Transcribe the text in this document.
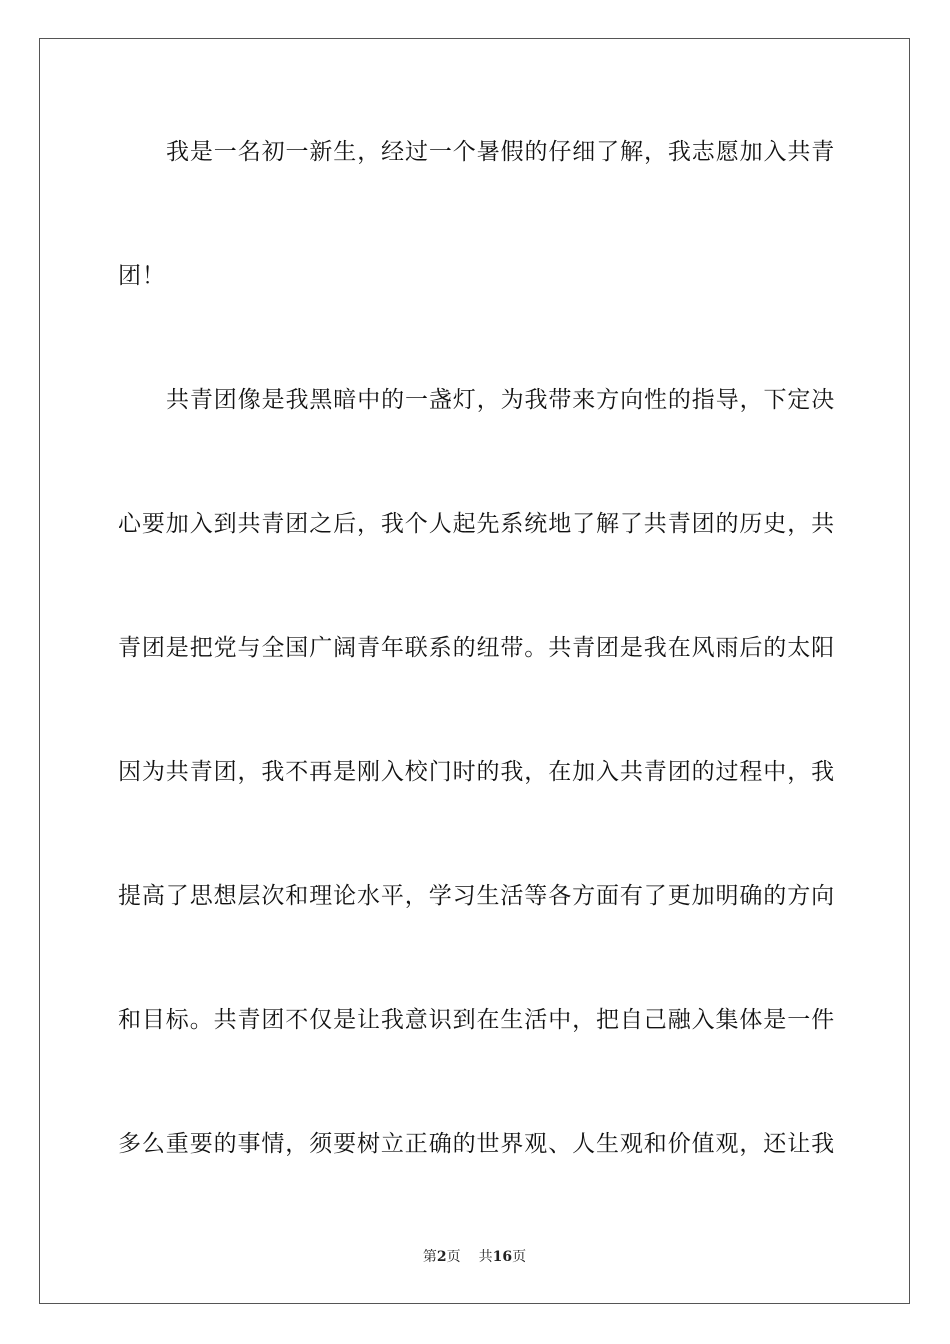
我是一名初一新生，经过一个暑假的仔细了解，我志愿加入共青
团！
共青团像是我黑暗中的一盏灯，为我带来方向性的指导，下定决
心要加入到共青团之后，我个人起先系统地了解了共青团的历史，共
青团是把党与全国广阔青年联系的纽带。共青团是我在风雨后的太阳
因为共青团，我不再是刚入校门时的我，在加入共青团的过程中，我
提高了思想层次和理论水平，学习生活等各方面有了更加明确的方向
和目标。共青团不仅是让我意识到在生活中，把自己融入集体是一件
多么重要的事情，须要树立正确的世界观、人生观和价值观，还让我
第2页 共16页
